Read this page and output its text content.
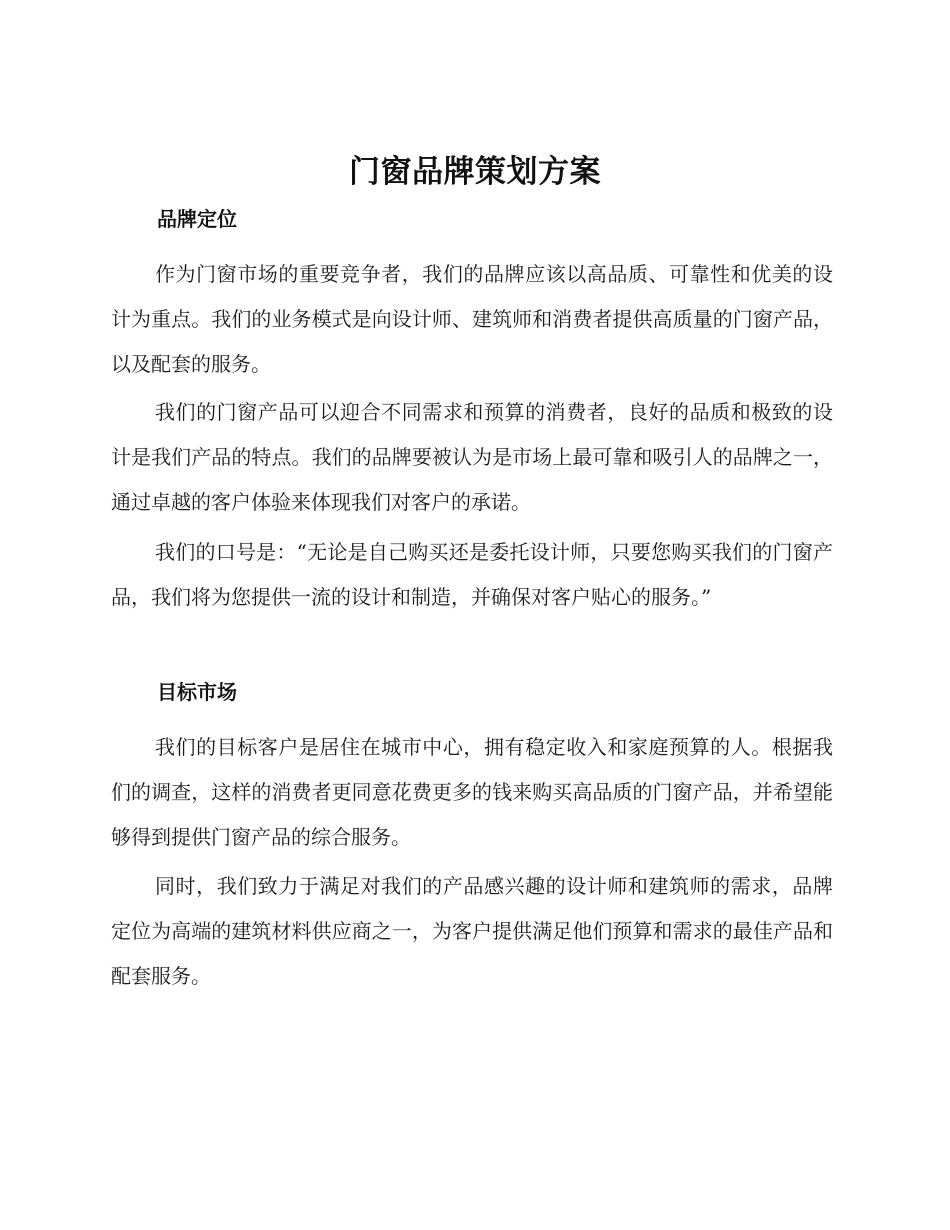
门窗品牌策划方案
品牌定位

作为门窗市场的重要竞争者，我们的品牌应该以高品质、可靠性和优美的设计为重点。我们的业务模式是向设计师、建筑师和消费者提供高质量的门窗产品，以及配套的服务。

我们的门窗产品可以迎合不同需求和预算的消费者，良好的品质和极致的设计是我们产品的特点。我们的品牌要被认为是市场上最可靠和吸引人的品牌之一，通过卓越的客户体验来体现我们对客户的承诺。

我们的口号是：“无论是自己购买还是委托设计师，只要您购买我们的门窗产品，我们将为您提供一流的设计和制造，并确保对客户贴心的服务。”

目标市场

我们的目标客户是居住在城市中心，拥有稳定收入和家庭预算的人。根据我们的调查，这样的消费者更同意花费更多的钱来购买高品质的门窗产品，并希望能够得到提供门窗产品的综合服务。

同时，我们致力于满足对我们的产品感兴趣的设计师和建筑师的需求，品牌定位为高端的建筑材料供应商之一，为客户提供满足他们预算和需求的最佳产品和配套服务。
